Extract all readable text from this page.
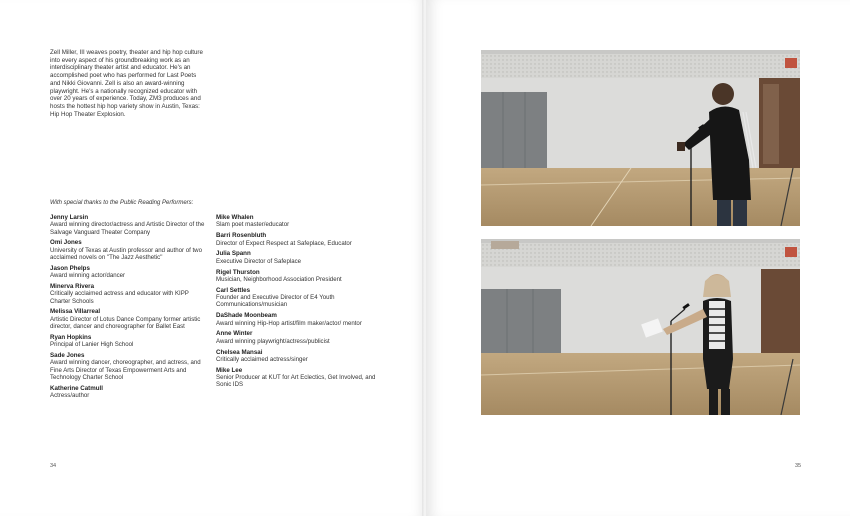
Zell Miller, III weaves poetry, theater and hip hop culture into every aspect of his groundbreaking work as an interdisciplinary theater artist and educator. He's an accomplished poet who has performed for Last Poets and Nikki Giovanni. Zell is also an award-winning playwright. He's a nationally recognized educator with over 20 years of experience. Today, ZM3 produces and hosts the hottest hip hop variety show in Austin, Texas: Hip Hop Theater Explosion.
With special thanks to the Public Reading Performers:
Jenny Larsin
Award winning director/actress and Artistic Director of the Salvage Vanguard Theater Company
Omi Jones
University of Texas at Austin professor and author of two acclaimed novels on "The Jazz Aesthetic"
Jason Phelps
Award winning actor/dancer
Minerva Rivera
Critically acclaimed actress and educator with KIPP Charter Schools
Melissa Villarreal
Artistic Director of Lotus Dance Company former artistic director, dancer and choreographer for Ballet East
Ryan Hopkins
Principal of Lanier High School
Sade Jones
Award winning dancer, choreographer, and actress, and Fine Arts Director of Texas Empowerment Arts and Technology Charter School
Katherine Catmull
Actress/author
Mike Whalen
Slam poet master/educator
Barri Rosenbluth
Director of Expect Respect at Safeplace, Educator
Julia Spann
Executive Director of Safeplace
Rigel Thurston
Musician, Neighborhood Association President
Carl Settles
Founder and Executive Director of E4 Youth Communications/musician
DaShade Moonbeam
Award winning Hip-Hop artist/film maker/actor/ mentor
Anne Winter
Award winning playwright/actress/publicist
Chelsea Mansai
Critically acclaimed actress/singer
Mike Lee
Senior Producer at KUT for Art Eclectics, Get Involved, and Sonic IDS
34	35
